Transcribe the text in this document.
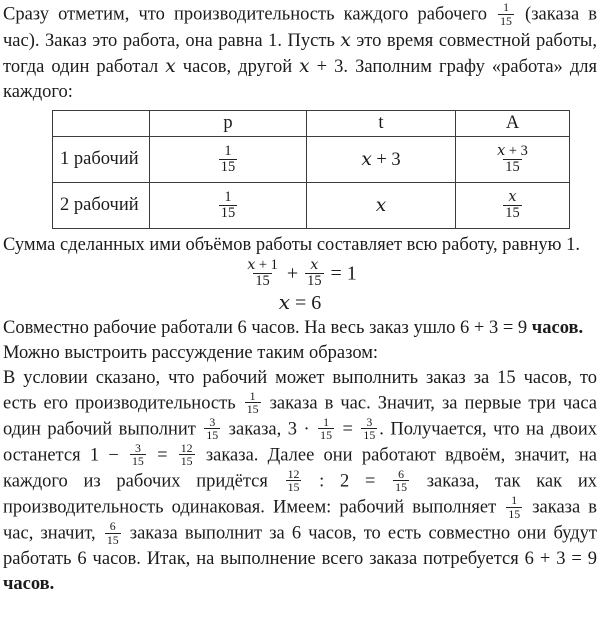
Сразу отметим, что производительность каждого рабочего $\frac{1}{15}$ (заказа в час). Заказ это работа, она равна 1. Пусть x это время совместной работы, тогда один работал x часов, другой x + 3. Заполним графу «работа» для каждого:

	p	t	A
1 рабочий	$\frac{1}{15}$	x + 3	$\frac{x + 3}{15}$

2 рабочий	$\frac{1}{15}$	x	$\frac{x}{15}$

Сумма сделанных ими объёмов работы составляет всю работу, равную 1.

$\frac{x + 1}{15} + \frac{x}{15} = 1$
x = 6

Совместно рабочие работали 6 часов. На весь заказ ушло 6 + 3 = 9 часов.

Можно выстроить рассуждение таким образом:

В условии сказано, что рабочий может выполнить заказ за 15 часов, то есть его производительность $\frac{1}{15}$ заказа в час. Значит, за первые три часа один рабочий выполнит $\frac{3}{15}$ заказа, $3 \cdot \frac{1}{15} = \frac{3}{15}$ . Получается, что на двоих останется $1 - \frac{3}{15} = \frac{12}{15}$ заказа. Далее они работают вдвоём, значит, на каждого из рабочих придётся $\frac{12}{15}$ : $2 = \frac{6}{15}$ заказа, так как их производительность одинаковая. Имеем: рабочий выполняет $\frac{1}{15}$ заказа в час, значит, $\frac{6}{15}$ заказа выполнит за 6 часов, то есть совместно они будут работать 6 часов. Итак, на выполнение всего заказа потребуется 6 + 3 = 9 часов.
